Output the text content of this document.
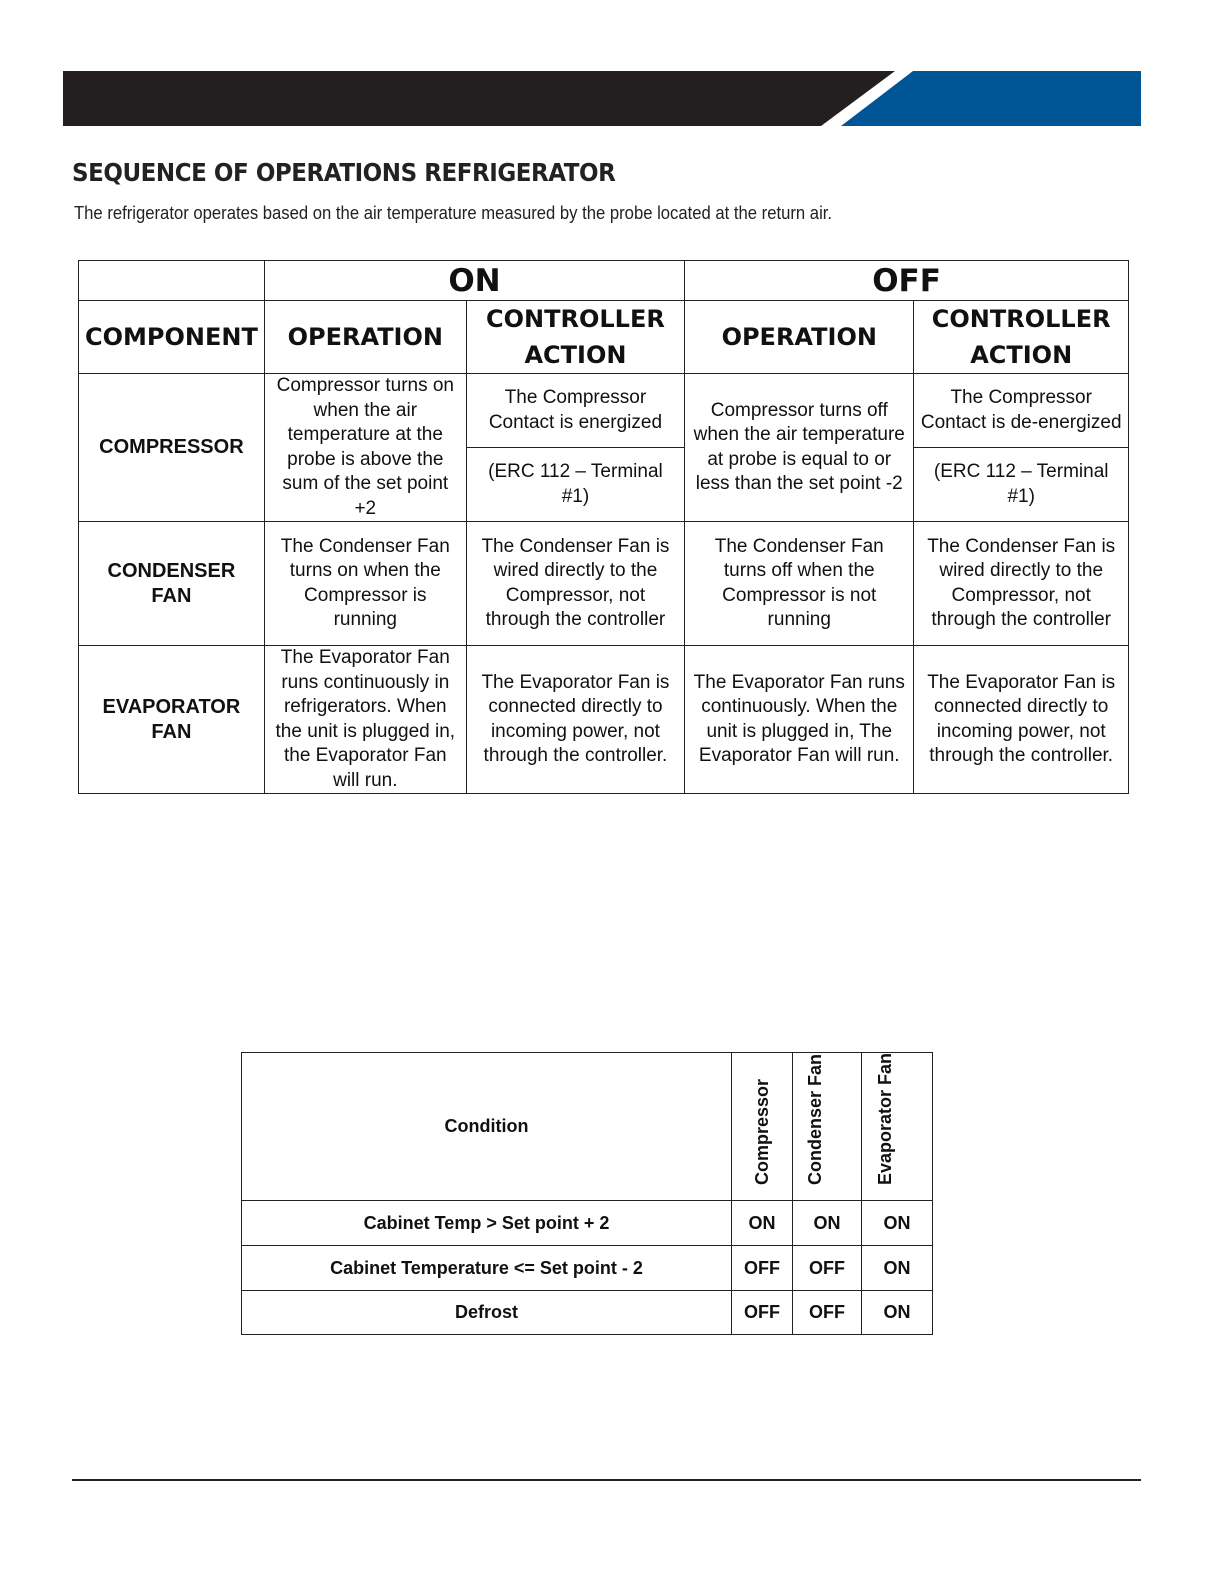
SEQUENCE OF OPERATIONS REFRIGERATOR

The refrigerator operates based on the air temperature measured by the probe located at the return air.

	ON		OFF	
COMPONENT	OPERATION	CONTROLLER ACTION	OPERATION	CONTROLLER ACTION
COMPRESSOR	Compressor turns on when the air temperature at the probe is above the sum of the set point +2	The Compressor Contact is energized	Compressor turns off when the air temperature at probe is equal to or less than the set point -2	The Compressor Contact is de-energized
		(ERC 112 – Terminal #1)		(ERC 112 – Terminal #1)
CONDENSER FAN	The Condenser Fan turns on when the Compressor is running	The Condenser Fan is wired directly to the Compressor, not through the controller	The Condenser Fan turns off when the Compressor is not running	The Condenser Fan is wired directly to the Compressor, not through the controller
EVAPORATOR FAN	The Evaporator Fan runs continuously in refrigerators. When the unit is plugged in, the Evaporator Fan will run.	The Evaporator Fan is connected directly to incoming power, not through the controller.	The Evaporator Fan runs continuously. When the unit is plugged in, The Evaporator Fan will run.	The Evaporator Fan is connected directly to incoming power, not through the controller.
Condition	Compressor	Condenser Fan	Evaporator Fan
Cabinet Temp > Set point + 2	ON	ON	ON
Cabinet Temperature <= Set point - 2	OFF	OFF	ON
Defrost	OFF	OFF	ON
